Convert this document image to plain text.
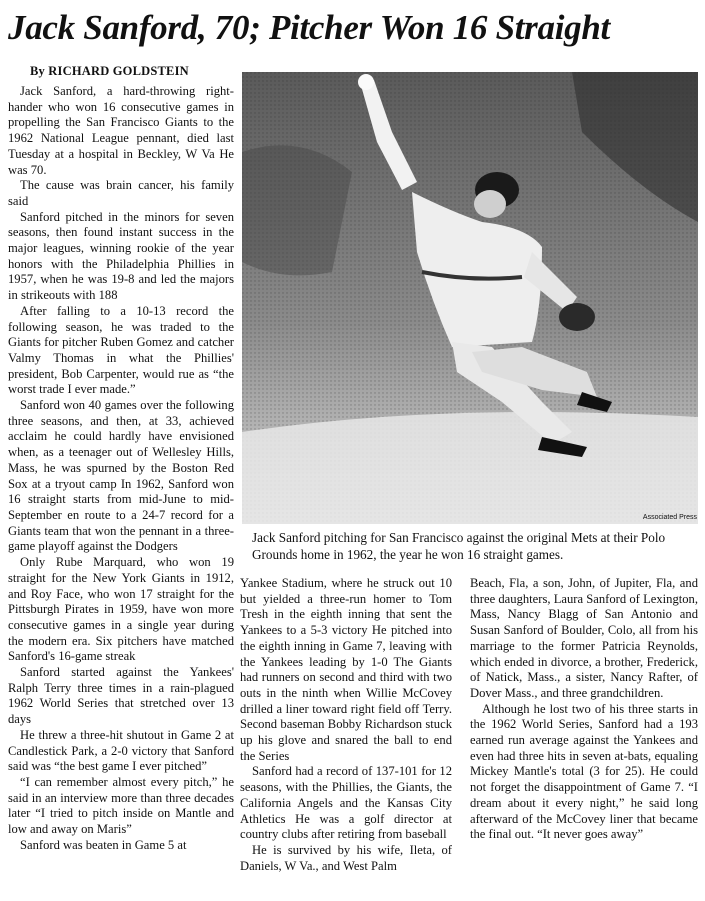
Jack Sanford, 70; Pitcher Won 16 Straight
By RICHARD GOLDSTEIN

Jack Sanford, a hard-throwing right-hander who won 16 consecutive games in propelling the San Francisco Giants to the 1962 National League pennant, died last Tuesday at a hospital in Beckley, W Va He was 70.

The cause was brain cancer, his family said

Sanford pitched in the minors for seven seasons, then found instant success in the major leagues, winning rookie of the year honors with the Philadelphia Phillies in 1957, when he was 19-8 and led the majors in strikeouts with 188

After falling to a 10-13 record the following season, he was traded to the Giants for pitcher Ruben Gomez and catcher Valmy Thomas in what the Phillies' president, Bob Carpenter, would rue as “the worst trade I ever made.”

Sanford won 40 games over the following three seasons, and then, at 33, achieved acclaim he could hardly have envisioned when, as a teenager out of Wellesley Hills, Mass, he was spurned by the Boston Red Sox at a tryout camp In 1962, Sanford won 16 straight starts from mid-June to mid-September en route to a 24-7 record for a Giants team that won the pennant in a three-game playoff against the Dodgers

Only Rube Marquard, who won 19 straight for the New York Giants in 1912, and Roy Face, who won 17 straight for the Pittsburgh Pirates in 1959, have won more consecutive games in a single year during the modern era. Six pitchers have matched Sanford's 16-game streak

Sanford started against the Yankees' Ralph Terry three times in a rain-plagued 1962 World Series that stretched over 13 days

He threw a three-hit shutout in Game 2 at Candlestick Park, a 2-0 victory that Sanford said was “the best game I ever pitched”

“I can remember almost every pitch,” he said in an interview more than three decades later “I tried to pitch inside on Mantle and low and away on Maris”

Sanford was beaten in Game 5 at

Associated Press
Jack Sanford pitching for San Francisco against the original Mets at their Polo Grounds home in 1962, the year he won 16 straight games.

Yankee Stadium, where he struck out 10 but yielded a three-run homer to Tom Tresh in the eighth inning that sent the Yankees to a 5-3 victory He pitched into the eighth inning in Game 7, leaving with the Yankees leading by 1-0 The Giants had runners on second and third with two outs in the ninth when Willie McCovey drilled a liner toward right field off Terry. Second baseman Bobby Richardson stuck up his glove and snared the ball to end the Series

Sanford had a record of 137-101 for 12 seasons, with the Phillies, the Giants, the California Angels and the Kansas City Athletics He was a golf director at country clubs after retiring from baseball

He is survived by his wife, Ileta, of Daniels, W Va., and West Palm

Beach, Fla, a son, John, of Jupiter, Fla, and three daughters, Laura Sanford of Lexington, Mass, Nancy Blagg of San Antonio and Susan Sanford of Boulder, Colo, all from his marriage to the former Patricia Reynolds, which ended in divorce, a brother, Frederick, of Natick, Mass., a sister, Nancy Rafter, of Dover Mass., and three grandchildren.

Although he lost two of his three starts in the 1962 World Series, Sanford had a 193 earned run average against the Yankees and even had three hits in seven at-bats, equaling Mickey Mantle's total (3 for 25). He could not forget the disappointment of Game 7. “I dream about it every night,” he said long afterward of the McCovey liner that became the final out. “It never goes away”
